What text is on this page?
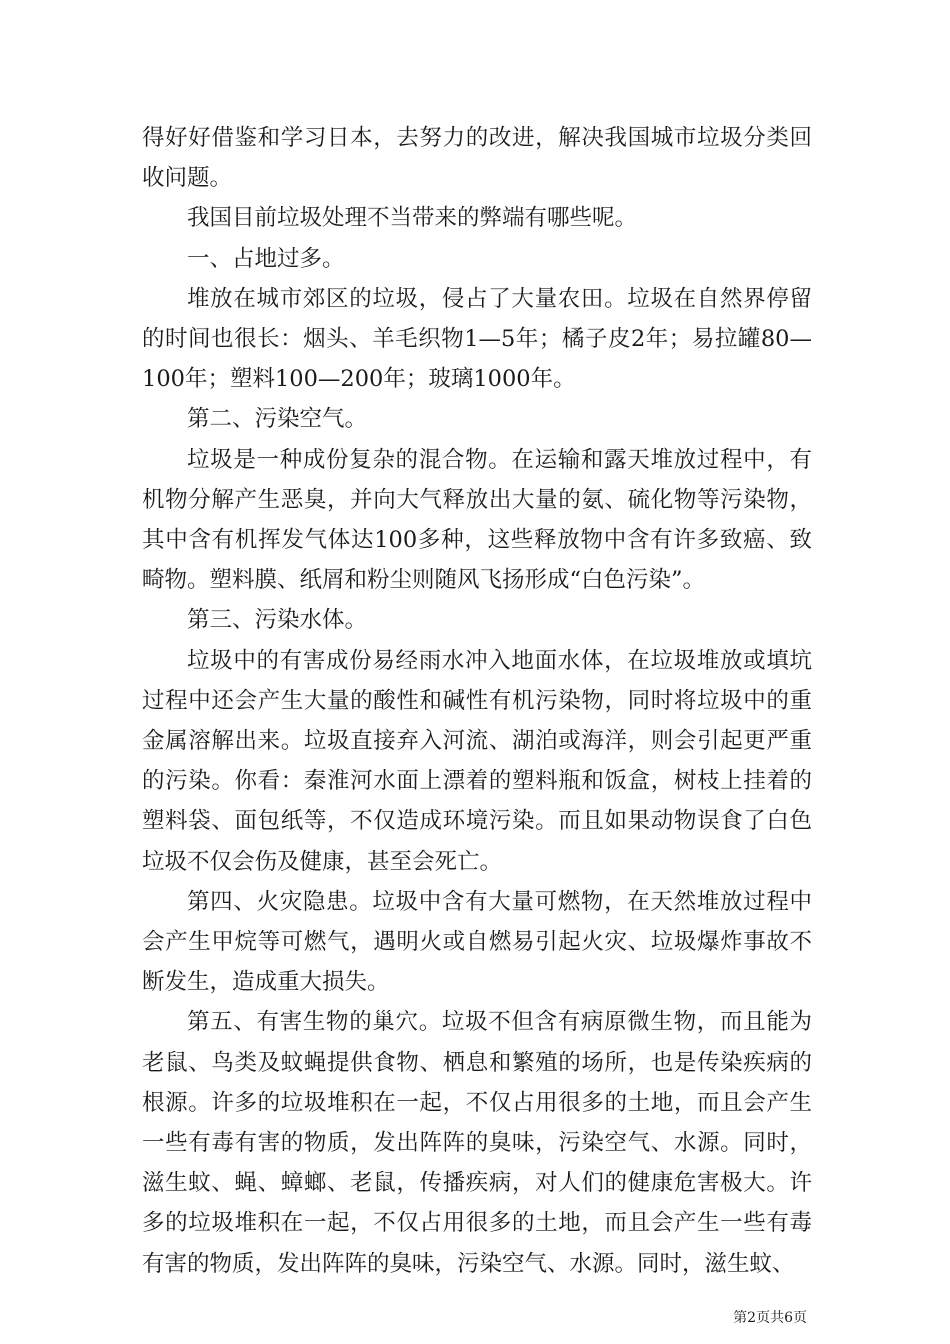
得好好借鉴和学习日本，去努力的改进，解决我国城市垃圾分类回收问题。

我国目前垃圾处理不当带来的弊端有哪些呢。

一、占地过多。

堆放在城市郊区的垃圾，侵占了大量农田。垃圾在自然界停留的时间也很长：烟头、羊毛织物1—5年；橘子皮2年；易拉罐80—100年；塑料100—200年；玻璃1000年。

第二、污染空气。

垃圾是一种成份复杂的混合物。在运输和露天堆放过程中，有机物分解产生恶臭，并向大气释放出大量的氨、硫化物等污染物，其中含有机挥发气体达100多种，这些释放物中含有许多致癌、致畸物。塑料膜、纸屑和粉尘则随风飞扬形成“白色污染”。

第三、污染水体。

垃圾中的有害成份易经雨水冲入地面水体，在垃圾堆放或填坑过程中还会产生大量的酸性和碱性有机污染物，同时将垃圾中的重金属溶解出来。垃圾直接弃入河流、湖泊或海洋，则会引起更严重的污染。你看：秦淮河水面上漂着的塑料瓶和饭盒，树枝上挂着的塑料袋、面包纸等，不仅造成环境污染。而且如果动物误食了白色垃圾不仅会伤及健康，甚至会死亡。

第四、火灾隐患。垃圾中含有大量可燃物，在天然堆放过程中会产生甲烷等可燃气，遇明火或自燃易引起火灾、垃圾爆炸事故不断发生，造成重大损失。

第五、有害生物的巢穴。垃圾不但含有病原微生物，而且能为老鼠、鸟类及蚊蝇提供食物、栖息和繁殖的场所，也是传染疾病的根源。许多的垃圾堆积在一起，不仅占用很多的土地，而且会产生一些有毒有害的物质，发出阵阵的臭味，污染空气、水源。同时，滋生蚊、蝇、蟑螂、老鼠，传播疾病，对人们的健康危害极大。许多的垃圾堆积在一起，不仅占用很多的土地，而且会产生一些有毒有害的物质，发出阵阵的臭味，污染空气、水源。同时，滋生蚊、

第2页共6页
